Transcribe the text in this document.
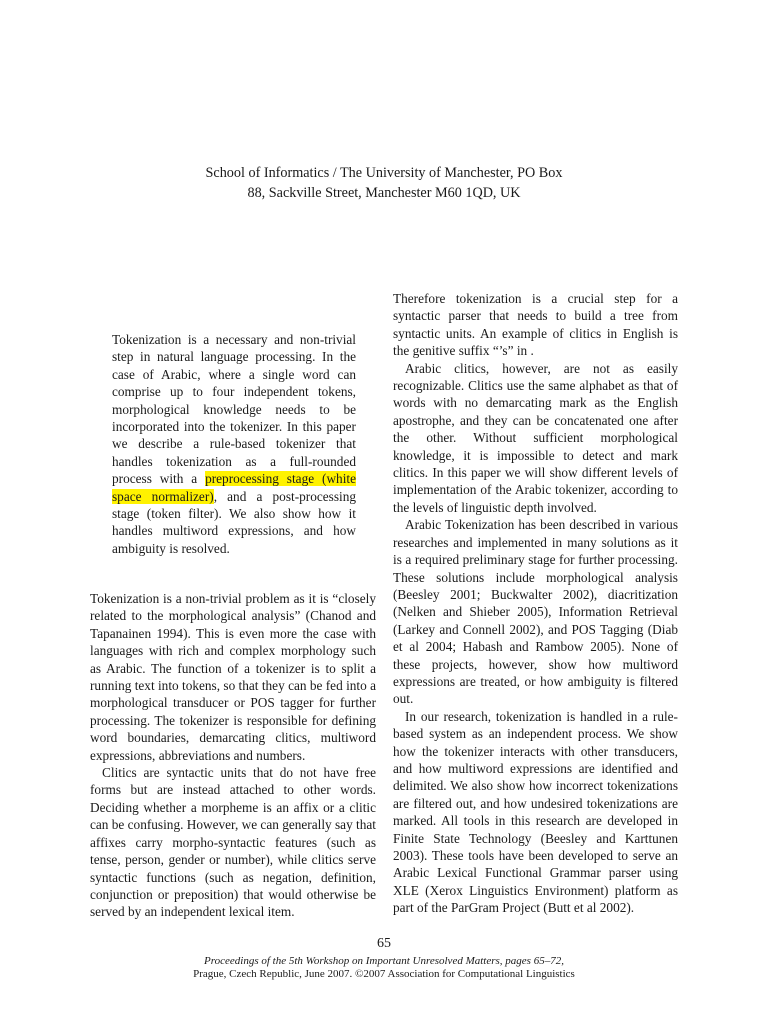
School of Informatics / The University of Manchester, PO Box
88, Sackville Street, Manchester M60 1QD, UK
Tokenization is a necessary and non-trivial step in natural language processing. In the case of Arabic, where a single word can comprise up to four independent tokens, morphological knowledge needs to be incorporated into the tokenizer. In this paper we describe a rule-based tokenizer that handles tokenization as a full-rounded process with a preprocessing stage (white space normalizer), and a post-processing stage (token filter). We also show how it handles multiword expressions, and how ambiguity is resolved.

Tokenization is a non-trivial problem as it is “closely related to the morphological analysis” (Chanod and Tapanainen 1994). This is even more the case with languages with rich and complex morphology such as Arabic. The function of a tokenizer is to split a running text into tokens, so that they can be fed into a morphological transducer or POS tagger for further processing. The tokenizer is responsible for defining word boundaries, demarcating clitics, multiword expressions, abbreviations and numbers.

Clitics are syntactic units that do not have free forms but are instead attached to other words. Deciding whether a morpheme is an affix or a clitic can be confusing. However, we can generally say that affixes carry morpho-syntactic features (such as tense, person, gender or number), while clitics serve syntactic functions (such as negation, definition, conjunction or preposition) that would otherwise be served by an independent lexical item.

Therefore tokenization is a crucial step for a syntactic parser that needs to build a tree from syntactic units. An example of clitics in English is the genitive suffix “’s” in .

Arabic clitics, however, are not as easily recognizable. Clitics use the same alphabet as that of words with no demarcating mark as the English apostrophe, and they can be concatenated one after the other. Without sufficient morphological knowledge, it is impossible to detect and mark clitics. In this paper we will show different levels of implementation of the Arabic tokenizer, according to the levels of linguistic depth involved.

Arabic Tokenization has been described in various researches and implemented in many solutions as it is a required preliminary stage for further processing. These solutions include morphological analysis (Beesley 2001; Buckwalter 2002), diacritization (Nelken and Shieber 2005), Information Retrieval (Larkey and Connell 2002), and POS Tagging (Diab et al 2004; Habash and Rambow 2005). None of these projects, however, show how multiword expressions are treated, or how ambiguity is filtered out.

In our research, tokenization is handled in a rule-based system as an independent process. We show how the tokenizer interacts with other transducers, and how multiword expressions are identified and delimited. We also show how incorrect tokenizations are filtered out, and how undesired tokenizations are marked. All tools in this research are developed in Finite State Technology (Beesley and Karttunen 2003). These tools have been developed to serve an Arabic Lexical Functional Grammar parser using XLE (Xerox Linguistics Environment) platform as part of the ParGram Project (Butt et al 2002).

65
Proceedings of the 5th Workshop on Important Unresolved Matters, pages 65–72,
Prague, Czech Republic, June 2007. ©2007 Association for Computational Linguistics
